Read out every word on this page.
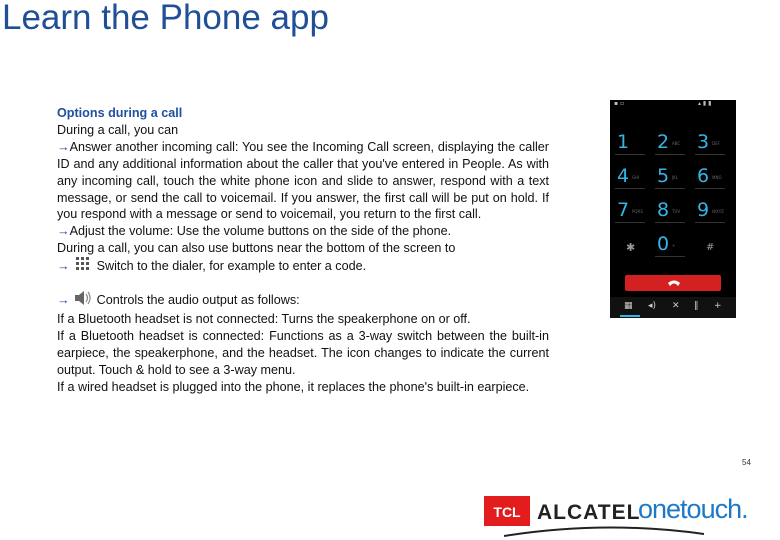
Learn the Phone app

Options during a call

During a call, you can

→Answer another incoming call: You see the Incoming Call screen, displaying the caller ID and any additional information about the caller that you've entered in People. As with any incoming call, touch the white phone icon and slide to answer, respond with a text message, or send the call to voicemail. If you answer, the first call will be put on hold. If you respond with a message or send to voicemail, you return to the first call.

→Adjust the volume: Use the volume buttons on the side of the phone.

During a call, you can also use buttons near the bottom of the screen to

→ Switch to the dialer, for example to enter a code.

→ Controls the audio output as follows:

If a Bluetooth headset is not connected: Turns the speakerphone on or off.

If a Bluetooth headset is connected: Functions as a 3-way switch between the built-in earpiece, the speakerphone, and the headset. The icon changes to indicate the current output. Touch & hold to see a 3-way menu.

If a wired headset is plugged into the phone, it replaces the phone's built-in earpiece.

▪ ▫	▴ ▮ ▮
1 2 ABC 3 DEF
4 GHI 5 JKL 6 MNO
7 PQRS 8 TUV 9 WXYZ
✱ 0 +	#
▦ ◂) ✕ ‖ +
54
TCL ALCATEL
onetouch.
